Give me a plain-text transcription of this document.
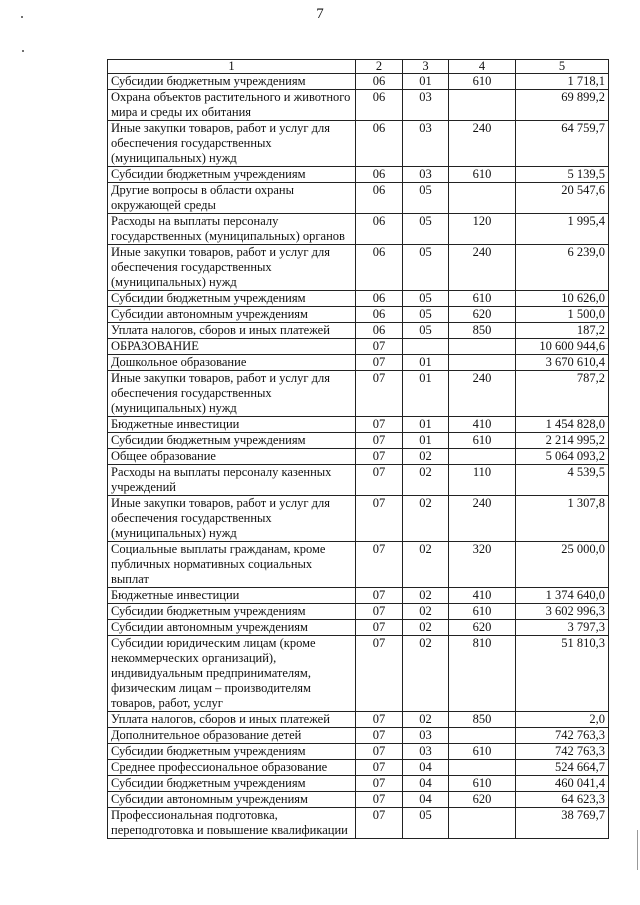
7
1	2	3	4	5
Субсидии бюджетным учреждениям	06	01	610	1 718,1
Охрана объектов растительного и животного мира и среды их обитания	06	03		69 899,2
Иные закупки товаров, работ и услуг для обеспечения государственных (муниципальных) нужд	06	03	240	64 759,7
Субсидии бюджетным учреждениям	06	03	610	5 139,5
Другие вопросы в области охраны окружающей среды	06	05		20 547,6
Расходы на выплаты персоналу государственных (муниципальных) органов	06	05	120	1 995,4
Иные закупки товаров, работ и услуг для обеспечения государственных (муниципальных) нужд	06	05	240	6 239,0
Субсидии бюджетным учреждениям	06	05	610	10 626,0
Субсидии автономным учреждениям	06	05	620	1 500,0
Уплата налогов, сборов и иных платежей	06	05	850	187,2
ОБРАЗОВАНИЕ	07			10 600 944,6
Дошкольное образование	07	01		3 670 610,4
Иные закупки товаров, работ и услуг для обеспечения государственных (муниципальных) нужд	07	01	240	787,2
Бюджетные инвестиции	07	01	410	1 454 828,0
Субсидии бюджетным учреждениям	07	01	610	2 214 995,2
Общее образование	07	02		5 064 093,2
Расходы на выплаты персоналу казенных учреждений	07	02	110	4 539,5
Иные закупки товаров, работ и услуг для обеспечения государственных (муниципальных) нужд	07	02	240	1 307,8
Социальные выплаты гражданам, кроме публичных нормативных социальных выплат	07	02	320	25 000,0
Бюджетные инвестиции	07	02	410	1 374 640,0
Субсидии бюджетным учреждениям	07	02	610	3 602 996,3
Субсидии автономным учреждениям	07	02	620	3 797,3
Субсидии юридическим лицам (кроме некоммерческих организаций), индивидуальным предпринимателям, физическим лицам – производителям товаров, работ, услуг	07	02	810	51 810,3
Уплата налогов, сборов и иных платежей	07	02	850	2,0
Дополнительное образование детей	07	03		742 763,3
Субсидии бюджетным учреждениям	07	03	610	742 763,3
Среднее профессиональное образование	07	04		524 664,7
Субсидии бюджетным учреждениям	07	04	610	460 041,4
Субсидии автономным учреждениям	07	04	620	64 623,3
Профессиональная подготовка, переподготовка и повышение квалификации	07	05		38 769,7
